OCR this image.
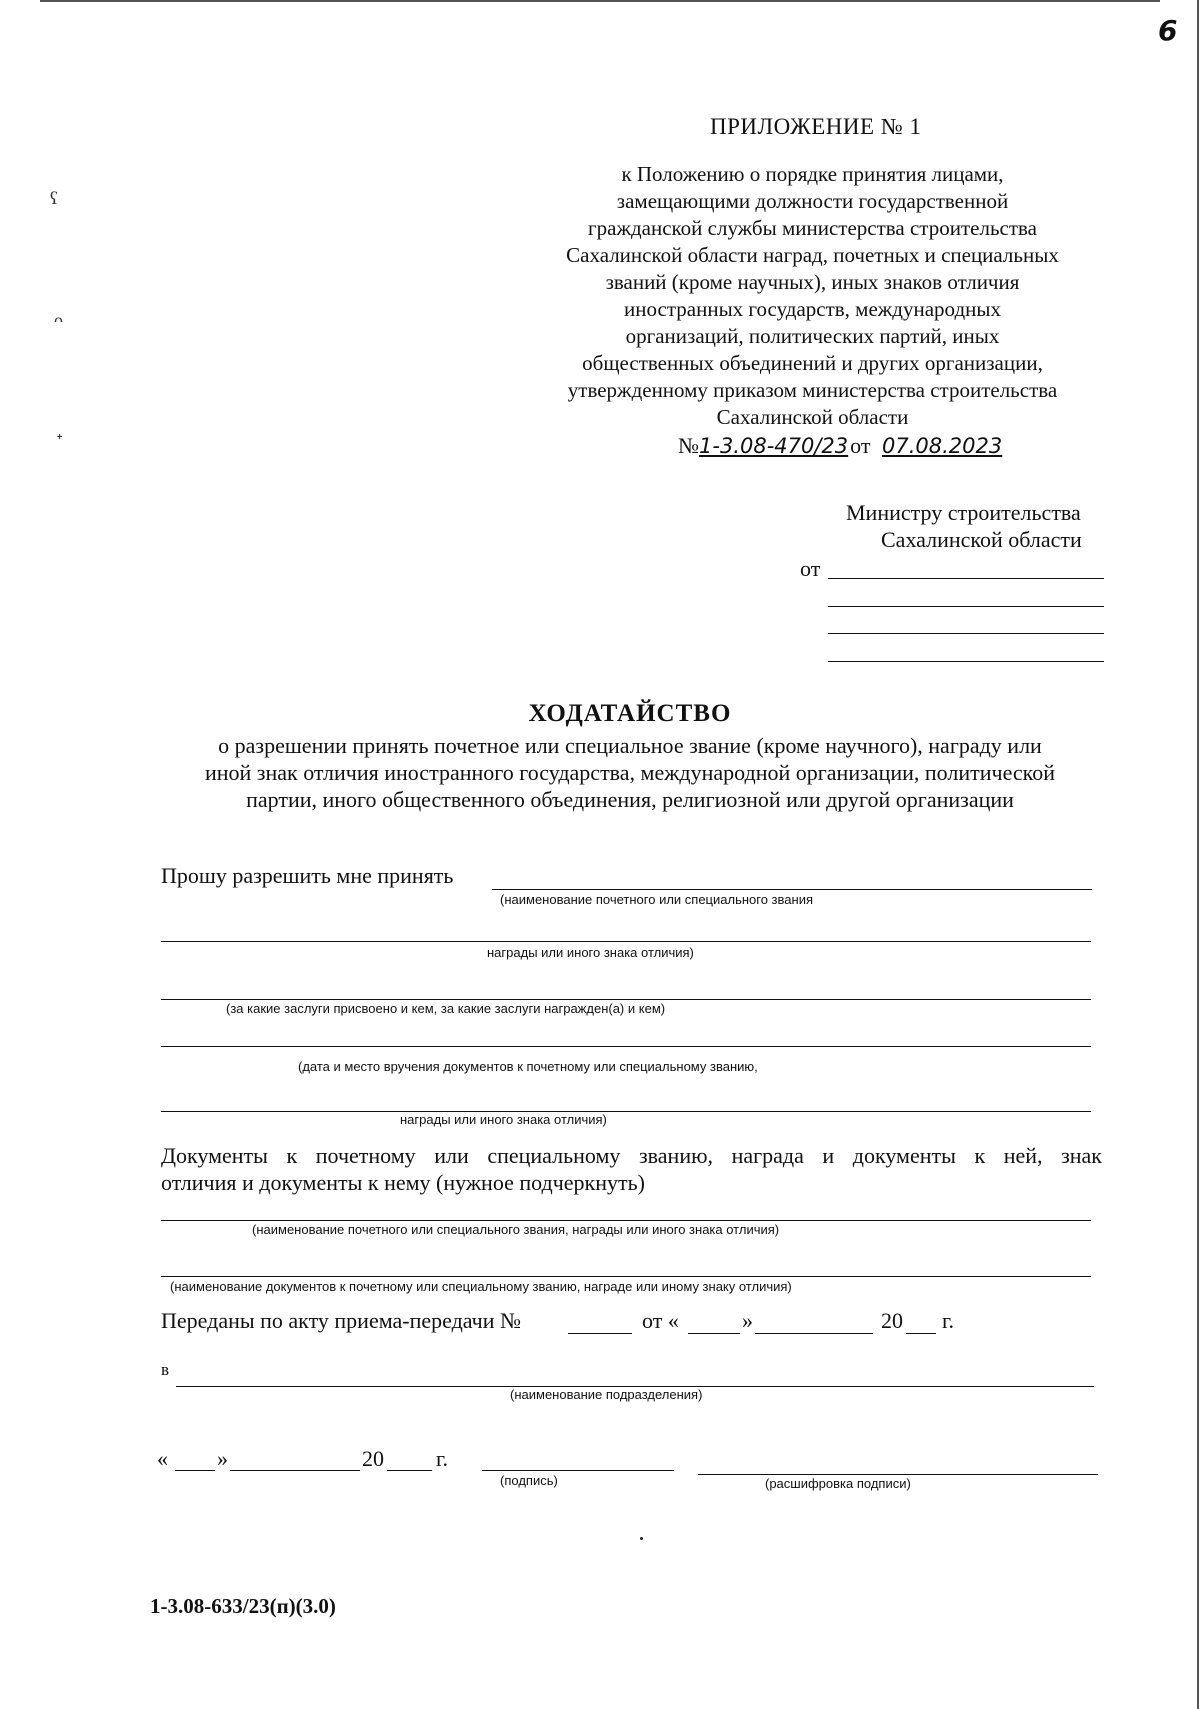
6
ʕ
ᴖ
ᐩ
ПРИЛОЖЕНИЕ № 1
к Положению о порядке принятия лицами,
замещающими должности государственной
гражданской службы министерства строительства
Сахалинской области наград, почетных и специальных
званий (кроме научных), иных знаков отличия
иностранных государств, международных
организаций, политических партий, иных
общественных объединений и других организации,
утвержденному приказом министерства строительства
Сахалинской области
№1-3.08-470/23от 07.08.2023
Министру строительства
Сахалинской области
от
ХОДАТАЙСТВО
о разрешении принять почетное или специальное звание (кроме научного), награду или
иной знак отличия иностранного государства, международной организации, политической
партии, иного общественного объединения, религиозной или другой организации
Прошу разрешить мне принять
(наименование почетного или специального звания
награды или иного знака отличия)
(за какие заслуги присвоено и кем, за какие заслуги награжден(а) и кем)
(дата и место вручения документов к почетному или специальному званию,
награды или иного знака отличия)
Документы к почетному или специальному званию, награда и документы к ней, знак
отличия и документы к нему (нужное подчеркнуть)
(наименование почетного или специального звания, награды или иного знака отличия)
(наименование документов к почетному или специальному званию, награде или иному знаку отличия)
Переданы по акту приема-передачи №	от «	»	20 г.
в
(наименование подразделения)
« »	20 г.
(подпись)	(расшифровка подписи)
1-3.08-633/23(п)(3.0)
